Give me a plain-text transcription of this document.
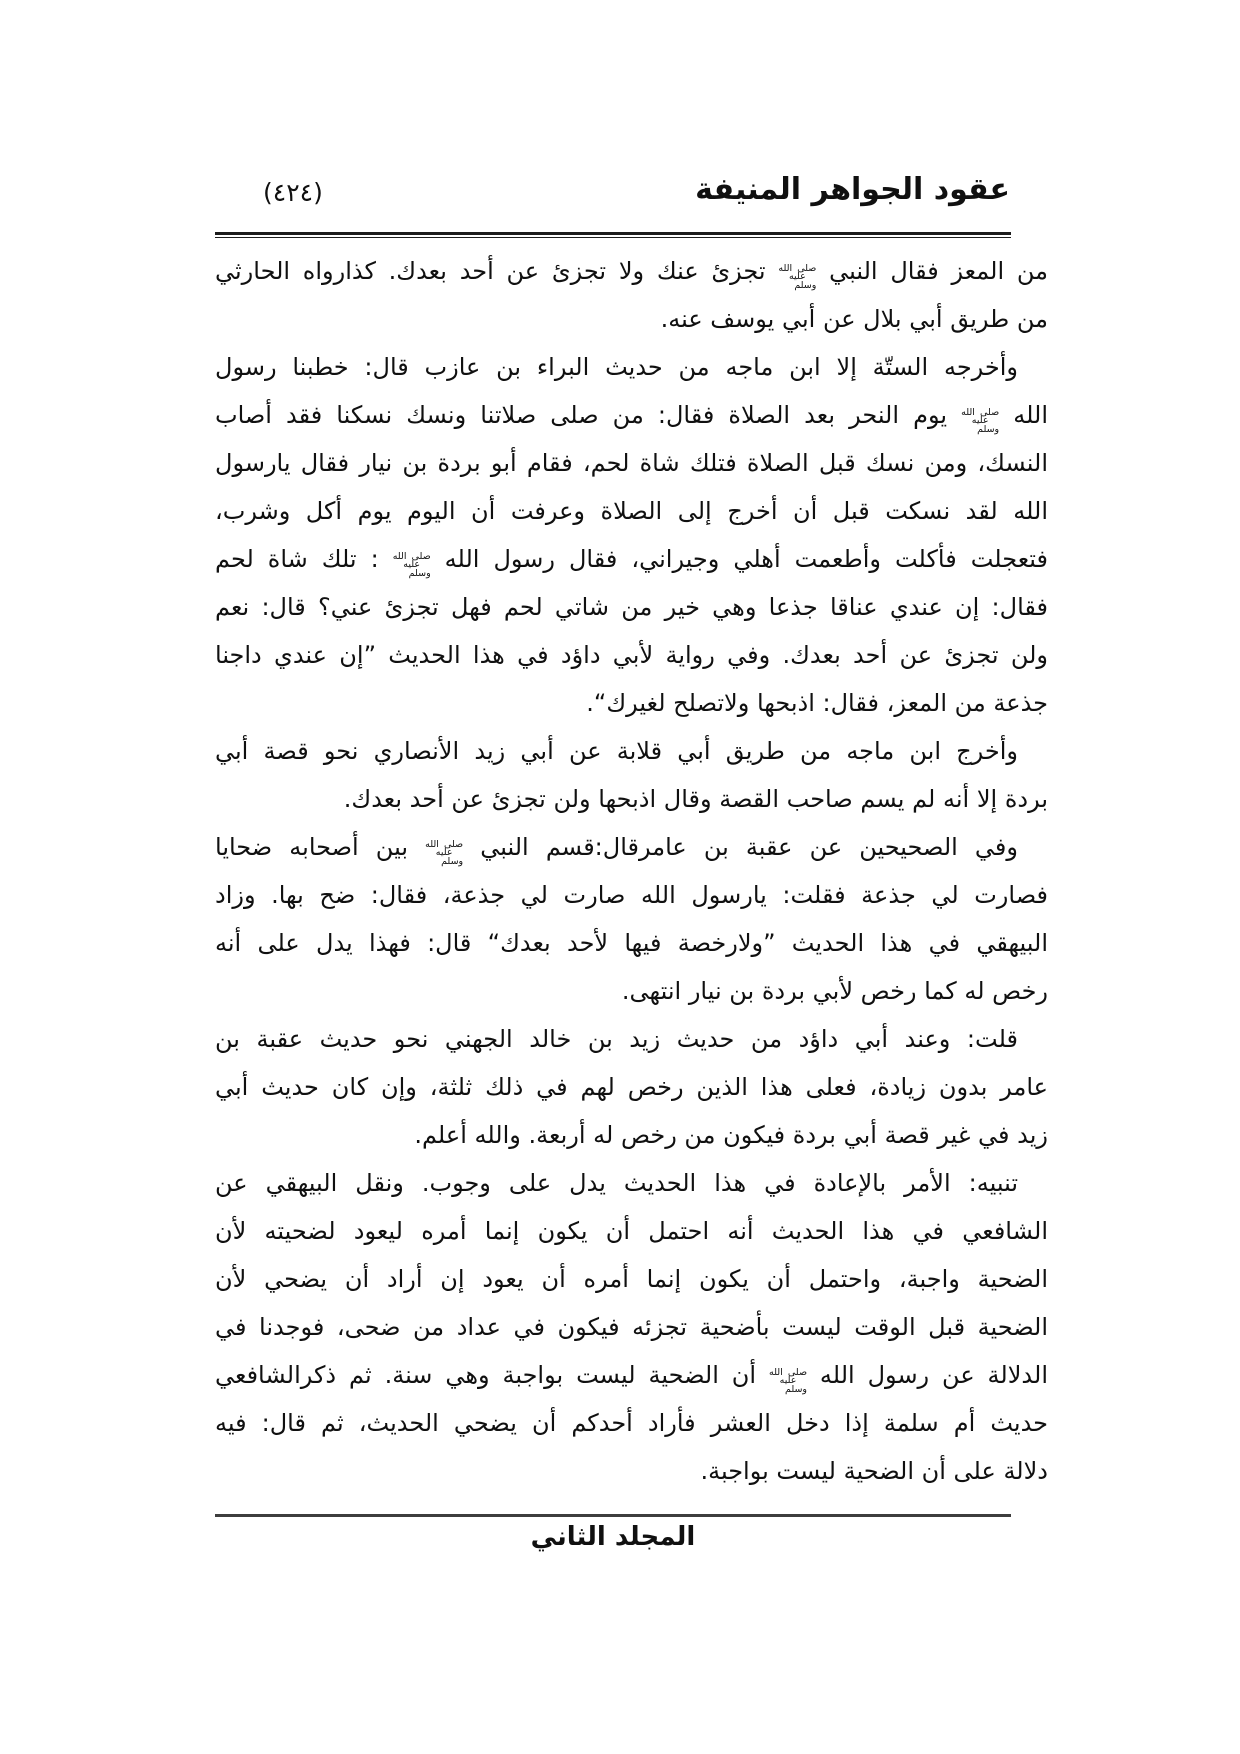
عقود الجواهر المنيفة
(٤٢٤)
من المعز فقال النبي صلى الله
عليه وسلم تجزئ عنك ولا تجزئ عن أحد بعدك. كذارواه الحارثي
من طريق أبي بلال عن أبي يوسف عنه.
وأخرجه الستّة إلا ابن ماجه من حديث البراء بن عازب قال: خطبنا رسول
الله صلى الله
عليه وسلم يوم النحر بعد الصلاة فقال: من صلى صلاتنا ونسك نسكنا فقد أصاب
النسك، ومن نسك قبل الصلاة فتلك شاة لحم، فقام أبو بردة بن نيار فقال يارسول
الله لقد نسكت قبل أن أخرج إلى الصلاة وعرفت أن اليوم يوم أكل وشرب،
فتعجلت فأكلت وأطعمت أهلي وجيراني، فقال رسول الله صلى الله
عليه وسلم : تلك شاة لحم
فقال: إن عندي عناقا جذعا وهي خير من شاتي لحم فهل تجزئ عني؟ قال: نعم
ولن تجزئ عن أحد بعدك. وفي رواية لأبي داؤد في هذا الحديث ”إن عندي داجنا
جذعة من المعز، فقال: اذبحها ولاتصلح لغيرك“.
وأخرج ابن ماجه من طريق أبي قلابة عن أبي زيد الأنصاري نحو قصة أبي
بردة إلا أنه لم يسم صاحب القصة وقال اذبحها ولن تجزئ عن أحد بعدك.
وفي الصحيحين عن عقبة بن عامرقال:قسم النبي صلى الله
عليه وسلم بين أصحابه ضحايا
فصارت لي جذعة فقلت: يارسول الله صارت لي جذعة، فقال: ضح بها. وزاد
البيهقي في هذا الحديث ”ولارخصة فيها لأحد بعدك“ قال: فهذا يدل على أنه
رخص له كما رخص لأبي بردة بن نيار انتهى.
قلت: وعند أبي داؤد من حديث زيد بن خالد الجهني نحو حديث عقبة بن
عامر بدون زيادة، فعلى هذا الذين رخص لهم في ذلك ثلثة، وإن كان حديث أبي
زيد في غير قصة أبي بردة فيكون من رخص له أربعة. والله أعلم.
تنبيه: الأمر بالإعادة في هذا الحديث يدل على وجوب. ونقل البيهقي عن
الشافعي في هذا الحديث أنه احتمل أن يكون إنما أمره ليعود لضحيته لأن
الضحية واجبة، واحتمل أن يكون إنما أمره أن يعود إن أراد أن يضحي لأن
الضحية قبل الوقت ليست بأضحية تجزئه فيكون في عداد من ضحى، فوجدنا في
الدلالة عن رسول الله صلى الله
عليه وسلم أن الضحية ليست بواجبة وهي سنة. ثم ذكرالشافعي
حديث أم سلمة إذا دخل العشر فأراد أحدكم أن يضحي الحديث، ثم قال: فيه
دلالة على أن الضحية ليست بواجبة.
المجلد الثاني
